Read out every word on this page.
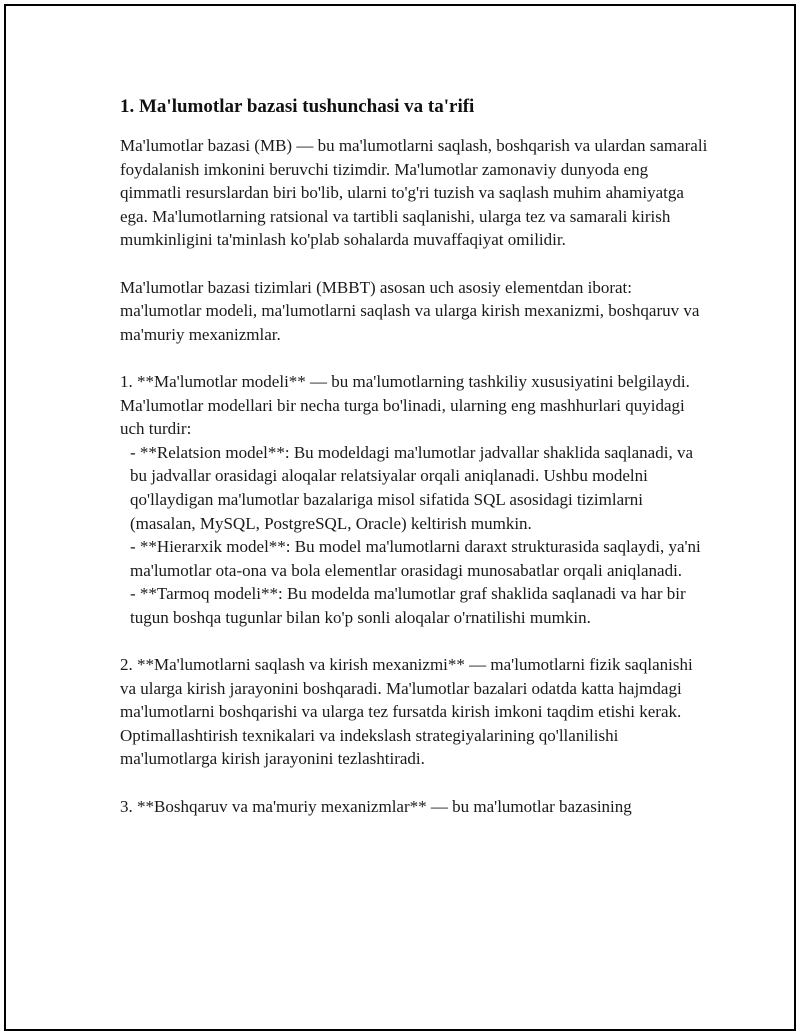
1. Ma'lumotlar bazasi tushunchasi va ta'rifi

Ma'lumotlar bazasi (MB) — bu ma'lumotlarni saqlash, boshqarish va ulardan samarali foydalanish imkonini beruvchi tizimdir. Ma'lumotlar zamonaviy dunyoda eng qimmatli resurslardan biri bo'lib, ularni to'g'ri tuzish va saqlash muhim ahamiyatga ega. Ma'lumotlarning ratsional va tartibli saqlanishi, ularga tez va samarali kirish mumkinligini ta'minlash ko'plab sohalarda muvaffaqiyat omilidir.

Ma'lumotlar bazasi tizimlari (MBBT) asosan uch asosiy elementdan iborat: ma'lumotlar modeli, ma'lumotlarni saqlash va ularga kirish mexanizmi, boshqaruv va ma'muriy mexanizmlar.

1. **Ma'lumotlar modeli** — bu ma'lumotlarning tashkiliy xususiyatini belgilaydi. Ma'lumotlar modellari bir necha turga bo'linadi, ularning eng mashhurlari quyidagi uch turdir:

- **Relatsion model**: Bu modeldagi ma'lumotlar jadvallar shaklida saqlanadi, va bu jadvallar orasidagi aloqalar relatsiyalar orqali aniqlanadi. Ushbu modelni qo'llaydigan ma'lumotlar bazalariga misol sifatida SQL asosidagi tizimlarni (masalan, MySQL, PostgreSQL, Oracle) keltirish mumkin.

- **Hierarxik model**: Bu model ma'lumotlarni daraxt strukturasida saqlaydi, ya'ni ma'lumotlar ota-ona va bola elementlar orasidagi munosabatlar orqali aniqlanadi.

- **Tarmoq modeli**: Bu modelda ma'lumotlar graf shaklida saqlanadi va har bir tugun boshqa tugunlar bilan ko'p sonli aloqalar o'rnatilishi mumkin.

2. **Ma'lumotlarni saqlash va kirish mexanizmi** — ma'lumotlarni fizik saqlanishi va ularga kirish jarayonini boshqaradi. Ma'lumotlar bazalari odatda katta hajmdagi ma'lumotlarni boshqarishi va ularga tez fursatda kirish imkoni taqdim etishi kerak. Optimallashtirish texnikalari va indekslash strategiyalarining qo'llanilishi ma'lumotlarga kirish jarayonini tezlashtiradi.

3. **Boshqaruv va ma'muriy mexanizmlar** — bu ma'lumotlar bazasining
